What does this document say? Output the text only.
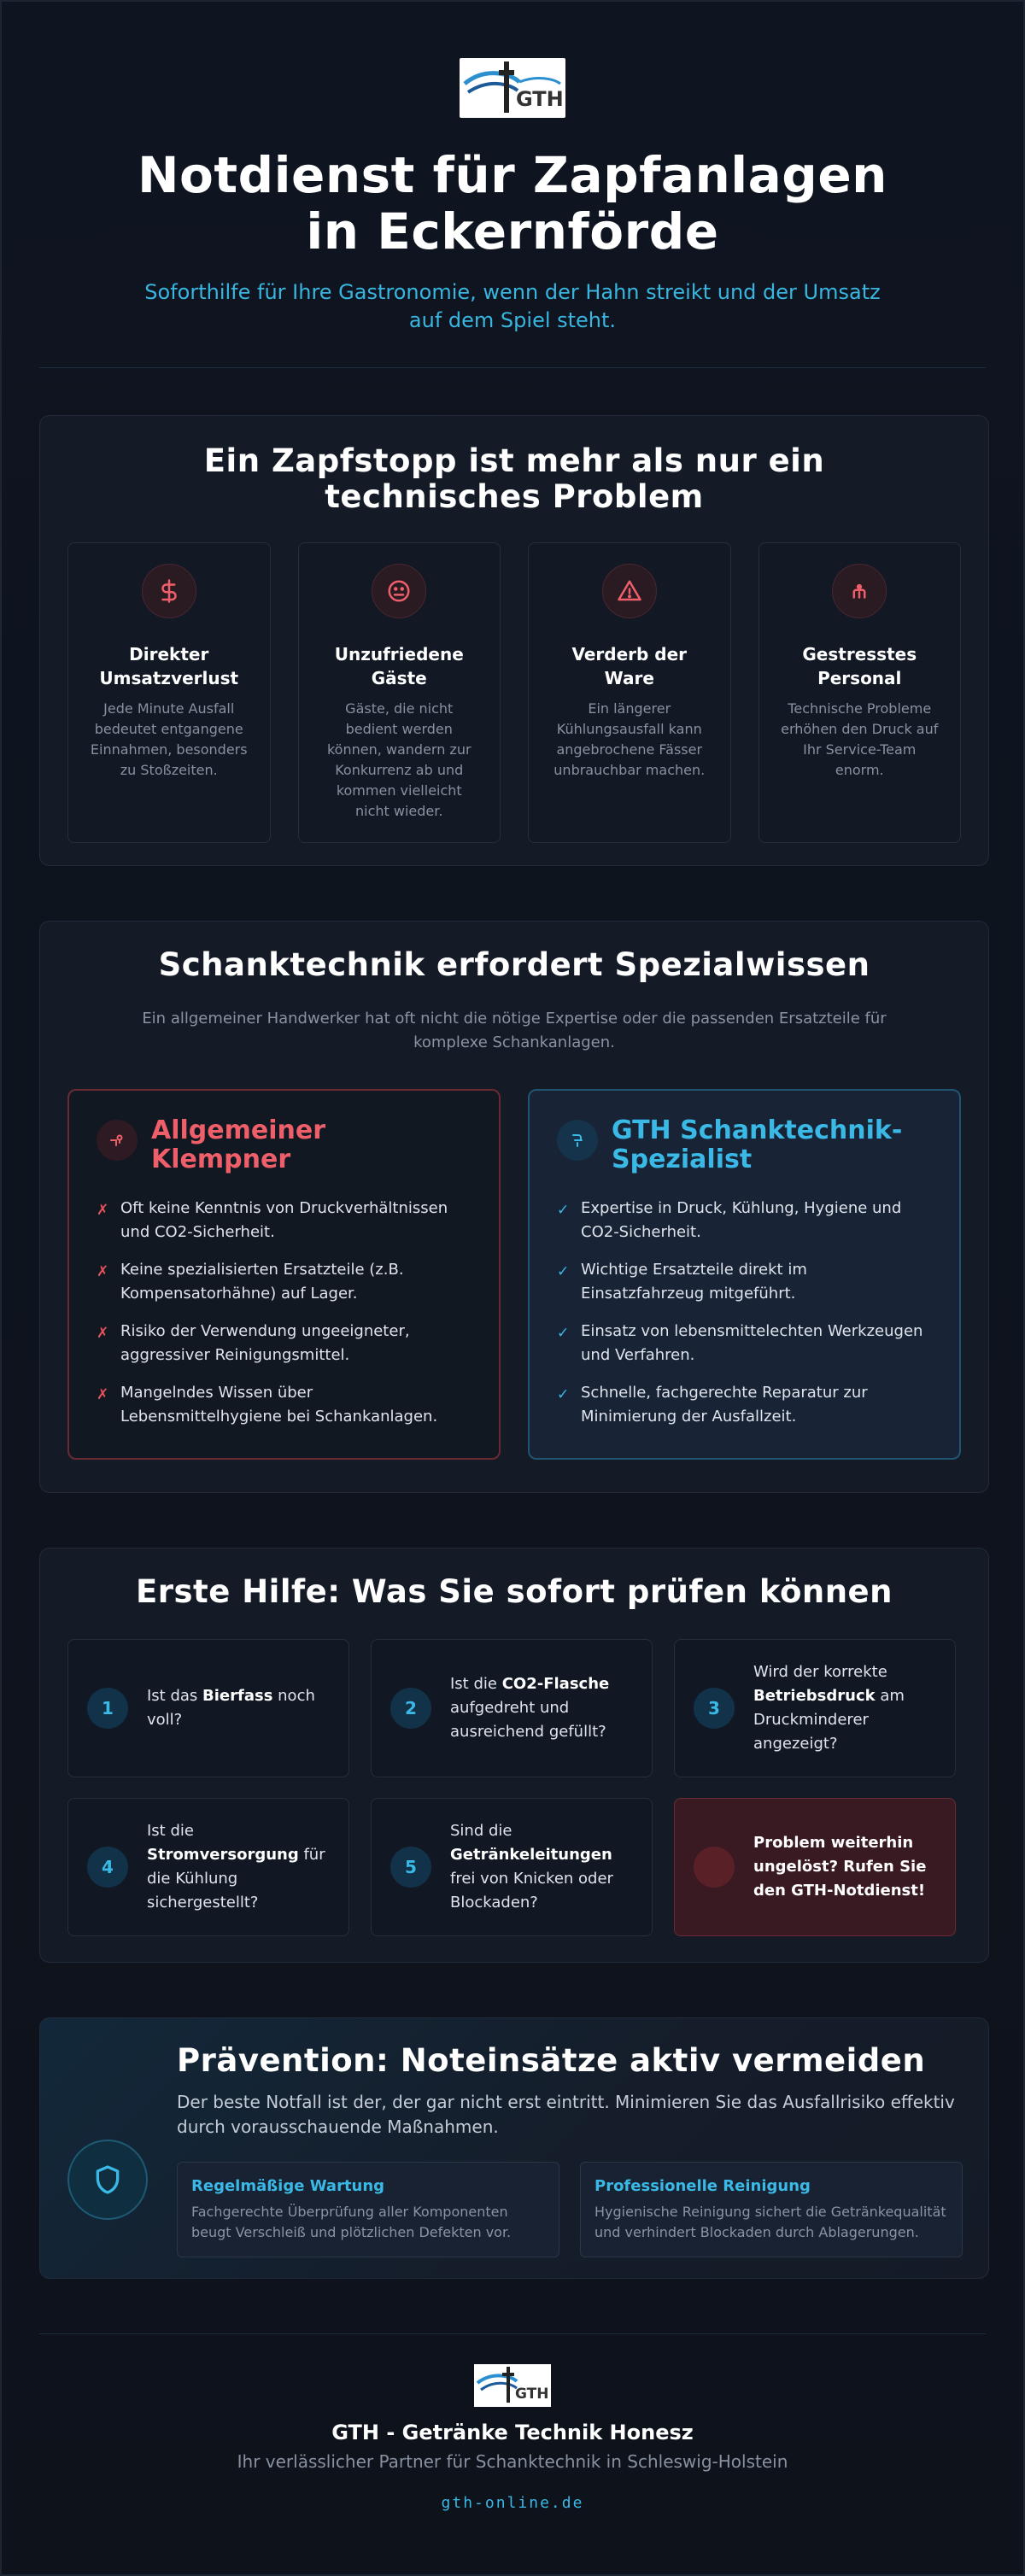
GTH
Notdienst für Zapfanlagen in Eckernförde

Soforthilfe für Ihre Gastronomie, wenn der Hahn streikt und der Umsatz auf dem Spiel steht.

Ein Zapfstopp ist mehr als nur ein technisches Problem
Direkter Umsatzverlust
Jede Minute Ausfall bedeutet entgangene Einnahmen, besonders zu Stoßzeiten.
Unzufriedene Gäste
Gäste, die nicht bedient werden können, wandern zur Konkurrenz ab und kommen vielleicht nicht wieder.
Verderb der Ware
Ein längerer Kühlungsausfall kann angebrochene Fässer unbrauchbar machen.
Gestresstes Personal
Technische Probleme erhöhen den Druck auf Ihr Service-Team enorm.
Schanktechnik erfordert Spezialwissen

Ein allgemeiner Handwerker hat oft nicht die nötige Expertise oder die passenden Ersatzteile für komplexe Schankanlagen.

Allgemeiner Klempner
✗ Oft keine Kenntnis von Druckverhältnissen und CO2-Sicherheit.
✗ Keine spezialisierten Ersatzteile (z.B. Kompensatorhähne) auf Lager.
✗ Risiko der Verwendung ungeeigneter, aggressiver Reinigungsmittel.
✗ Mangelndes Wissen über Lebensmittelhygiene bei Schankanlagen.
GTH Schanktechnik-Spezialist
✓ Expertise in Druck, Kühlung, Hygiene und CO2-Sicherheit.
✓ Wichtige Ersatzteile direkt im Einsatzfahrzeug mitgeführt.
✓ Einsatz von lebensmittelechten Werkzeugen und Verfahren.
✓ Schnelle, fachgerechte Reparatur zur Minimierung der Ausfallzeit.
Erste Hilfe: Was Sie sofort prüfen können
1
Ist das Bierfass noch voll?
2
Ist die CO2-Flasche aufgedreht und ausreichend gefüllt?
3
Wird der korrekte Betriebsdruck am Druckminderer angezeigt?
4
Ist die Stromversorgung für die Kühlung sichergestellt?
5
Sind die Getränkeleitungen frei von Knicken oder Blockaden?
Problem weiterhin ungelöst? Rufen Sie den GTH-Notdienst!
Prävention: Noteinsätze aktiv vermeiden

Der beste Notfall ist der, der gar nicht erst eintritt. Minimieren Sie das Ausfallrisiko effektiv durch vorausschauende Maßnahmen.

Regelmäßige Wartung
Fachgerechte Überprüfung aller Komponenten beugt Verschleiß und plötzlichen Defekten vor.
Professionelle Reinigung
Hygienische Reinigung sichert die Getränkequalität und verhindert Blockaden durch Ablagerungen.
GTH
GTH - Getränke Technik Honesz
Ihr verlässlicher Partner für Schanktechnik in Schleswig-Holstein
gth-online.de
